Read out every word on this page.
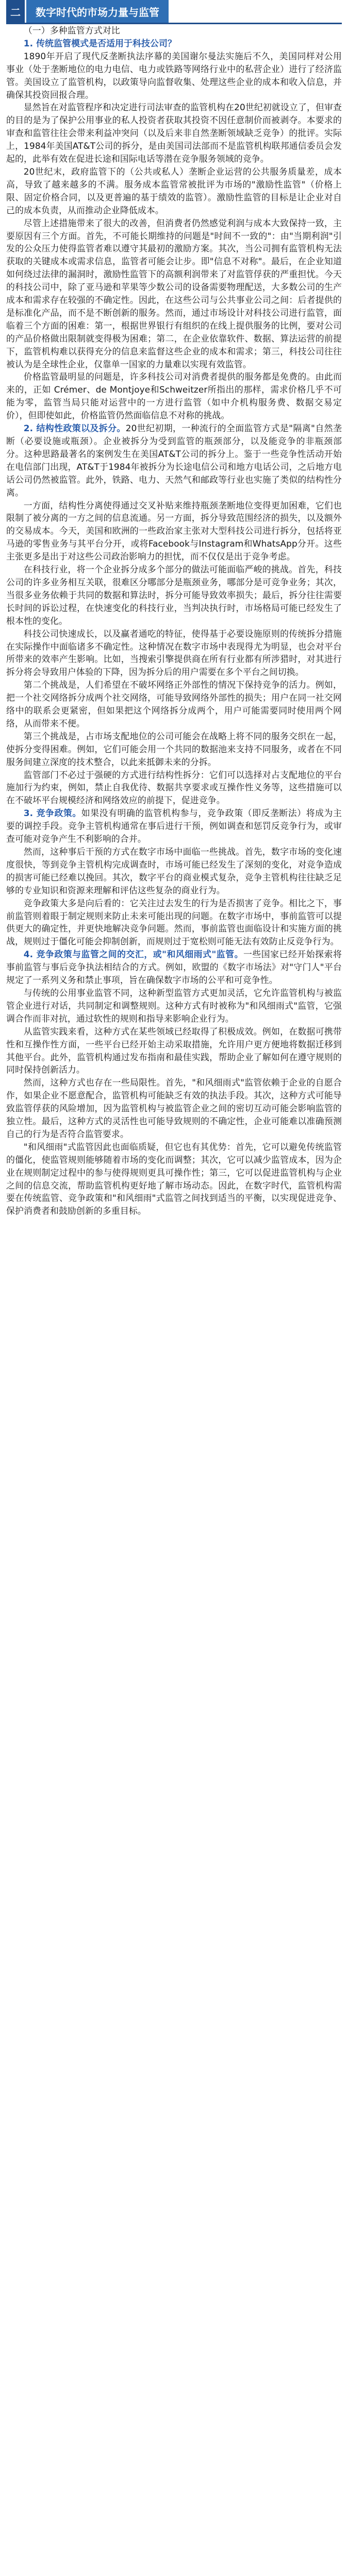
二	数字时代的市场力量与监管

（一）多种监管方式对比

1. 传统监管模式是否适用于科技公司？

1890年开启了现代反垄断执法序幕的美国谢尔曼法实施后不久，美国同样对公用事业（处于垄断地位的电力电信、电力或铁路等网络行业中的私营企业）进行了经济监管。美国设立了监管机构，以政策导向监督收集、处理这些企业的成本和收入信息，并确保其投资回报合理。

显然旨在对监管程序和决定进行司法审查的监管机构在20世纪初就设立了，但审查的目的是为了保护公用事业的私人投资者获取其投资不因任意制价而被剥夺。本要求的审查和监管往往会带来利益冲突问（以及后来非自然垄断领域缺乏竞争）的批评。实际上，1984年美国AT&T公司的拆分，是由美国司法部而不是监管机构联邦通信委员会发起的，此举有效在促进长途和国际电话等潜在竞争服务领域的竞争。

20世纪末，政府监管下的（公共或私人）垄断企业运营的公共服务质量差，成本高，导致了越来越多的不满。服务成本监管常被批评为市场的"激励性监管"（价格上限、固定价格合同，以及更普遍的基于绩效的监管）。激励性监管的目标是让企业对自己的成本负责，从而推动企业降低成本。

尽管上述措施带来了很大的改善，但消费者仍然感觉利润与成本大致保持一致，主要原因有三个方面。首先，不可能长期维持的问题是"时间不一致的"：由"当期利润"引发的公众压力使得监管者难以遵守其最初的激励方案。其次，当公司拥有监管机构无法获取的关键成本或需求信息，监管者可能会让步。即"信息不对称"。最后，在企业知道如何绕过法律的漏洞时，激励性监管下的高额利润带来了对监管俘获的严重担忧。今天的科技公司中，除了亚马逊和苹果等少数公司的设备需要物理配送，大多数公司的生产成本和需求存在较强的不确定性。因此，在这些公司与公共事业公司之间：后者提供的是标准化产品，而不是不断创新的服务。然而，通过市场设计对科技公司进行监管，面临着三个方面的困难：第一，根据世界银行有组织的在线上提供服务的比例，要对公司的产品价格做出限制就变得极为困难；第二，在企业依靠软件、数据、算法运营的前提下，监管机构难以获得充分的信息来监督这些企业的成本和需求；第三，科技公司往往被认为是全球性企业，仅靠单一国家的力量难以实现有效监管。

价格监管最明显的问题是，许多科技公司对消费者提供的服务都是免费的。由此而来的，正如 Crémer、de Montjoye和Schweitzer所指出的那样，需求价格几乎不可能为零，监管当局只能对运营中的一方进行监管（如中介机构服务费、数据交易定价），但即使如此，价格监管仍然面临信息不对称的挑战。

2. 结构性政策以及拆分。20世纪初期，一种流行的全面监管方式是"隔离"自然垄断（必要设施或瓶颈）。企业被拆分为受到监管的瓶颈部分，以及能竞争的非瓶颈部分。这种思路最著名的案例发生在美国AT&T公司的拆分上。鉴于一些竞争性活动开始在电信部门出现，AT&T于1984年被拆分为长途电信公司和地方电话公司，之后地方电话公司仍然被监管。此外，铁路、电力、天然气和邮政等行业也实施了类似的结构性分离。

一方面，结构性分离使得通过交叉补贴来维持瓶颈垄断地位变得更加困难，它们也限制了被分离的一方之间的信息流通。另一方面，拆分导致范围经济的损失，以及额外的交易成本。今天，美国和欧洲的一些政治家主张对大型科技公司进行拆分，包括将亚马逊的零售业务与其平台分开，或将Facebook与Instagram和WhatsApp分开。这些主张更多是出于对这些公司政治影响力的担忧，而不仅仅是出于竞争考虑。

在科技行业，将一个企业拆分成多个部分的做法可能面临严峻的挑战。首先，科技公司的许多业务相互关联，很难区分哪部分是瓶颈业务，哪部分是可竞争业务；其次，当很多业务依赖于共同的数据和算法时，拆分可能导致效率损失；最后，拆分往往需要长时间的诉讼过程，在快速变化的科技行业，当判决执行时，市场格局可能已经发生了根本性的变化。

科技公司快速成长，以及赢者通吃的特征，使得基于必要设施原则的传统拆分措施在实际操作中面临诸多不确定性。这种情况在数字市场中表现得尤为明显，也会对平台所带来的效率产生影响。比如，当搜索引擎提供商在所有行业都有所涉猎时，对其进行拆分将会导致用户体验的下降，因为拆分后的用户需要在多个平台之间切换。

第二个挑战是，人们希望在不破坏网络正外部性的情况下保持竞争的活力。例如，把一个社交网络拆分成两个社交网络，可能导致网络外部性的损失；用户在同一社交网络中的联系会更紧密，但如果把这个网络拆分成两个，用户可能需要同时使用两个网络，从而带来不便。

第三个挑战是，占市场支配地位的公司可能会在战略上将不同的服务交织在一起，使拆分变得困难。例如，它们可能会用一个共同的数据池来支持不同服务，或者在不同服务间建立深度的技术整合，以此来抵御未来的分拆。

监管部门不必过于强硬的方式进行结构性拆分：它们可以选择对占支配地位的平台施加行为约束，例如，禁止自我优待、数据共享要求或互操作性义务等，这些措施可以在不破坏平台规模经济和网络效应的前提下，促进竞争。

3. 竞争政策。如果没有明确的监管机构参与，竞争政策（即反垄断法）将成为主要的调控手段。竞争主管机构通常在事后进行干预，例如调查和惩罚反竞争行为，或审查可能对竞争产生不利影响的合并。

然而，这种事后干预的方式在数字市场中面临一些挑战。首先，数字市场的变化速度很快，等到竞争主管机构完成调查时，市场可能已经发生了深刻的变化，对竞争造成的损害可能已经难以挽回。其次，数字平台的商业模式复杂，竞争主管机构往往缺乏足够的专业知识和资源来理解和评估这些复杂的商业行为。

竞争政策大多是向后看的：它关注过去发生的行为是否损害了竞争。相比之下，事前监管则着眼于制定规则来防止未来可能出现的问题。在数字市场中，事前监管可以提供更大的确定性，并更快地解决竞争问题。然而，事前监管也面临设计和实施方面的挑战，规则过于僵化可能会抑制创新，而规则过于宽松则可能无法有效防止反竞争行为。

4. 竞争政策与监管之间的交汇，或"和风细雨式"监管。一些国家已经开始探索将事前监管与事后竞争执法相结合的方式。例如，欧盟的《数字市场法》对"守门人"平台规定了一系列义务和禁止事项，旨在确保数字市场的公平和可竞争性。

与传统的公用事业监管不同，这种新型监管方式更加灵活，它允许监管机构与被监管企业进行对话，共同制定和调整规则。这种方式有时被称为"和风细雨式"监管，它强调合作而非对抗，通过软性的规则和指导来影响企业行为。

从监管实践来看，这种方式在某些领域已经取得了积极成效。例如，在数据可携带性和互操作性方面，一些平台已经开始主动采取措施，允许用户更方便地将数据迁移到其他平台。此外，监管机构通过发布指南和最佳实践，帮助企业了解如何在遵守规则的同时保持创新活力。

然而，这种方式也存在一些局限性。首先，"和风细雨式"监管依赖于企业的自愿合作，如果企业不愿意配合，监管机构可能缺乏有效的执法手段。其次，这种方式可能导致监管俘获的风险增加，因为监管机构与被监管企业之间的密切互动可能会影响监管的独立性。最后，这种方式的灵活性也可能导致规则的不确定性，企业可能难以准确预测自己的行为是否符合监管要求。

"和风细雨"式监管因此也面临质疑，但它也有其优势：首先，它可以避免传统监管的僵化，使监管规则能够随着市场的变化而调整；其次，它可以减少监管成本，因为企业在规则制定过程中的参与使得规则更具可操作性；第三，它可以促进监管机构与企业之间的信息交流，帮助监管机构更好地了解市场动态。因此，在数字时代，监管机构需要在传统监管、竞争政策和"和风细雨"式监管之间找到适当的平衡，以实现促进竞争、保护消费者和鼓励创新的多重目标。
